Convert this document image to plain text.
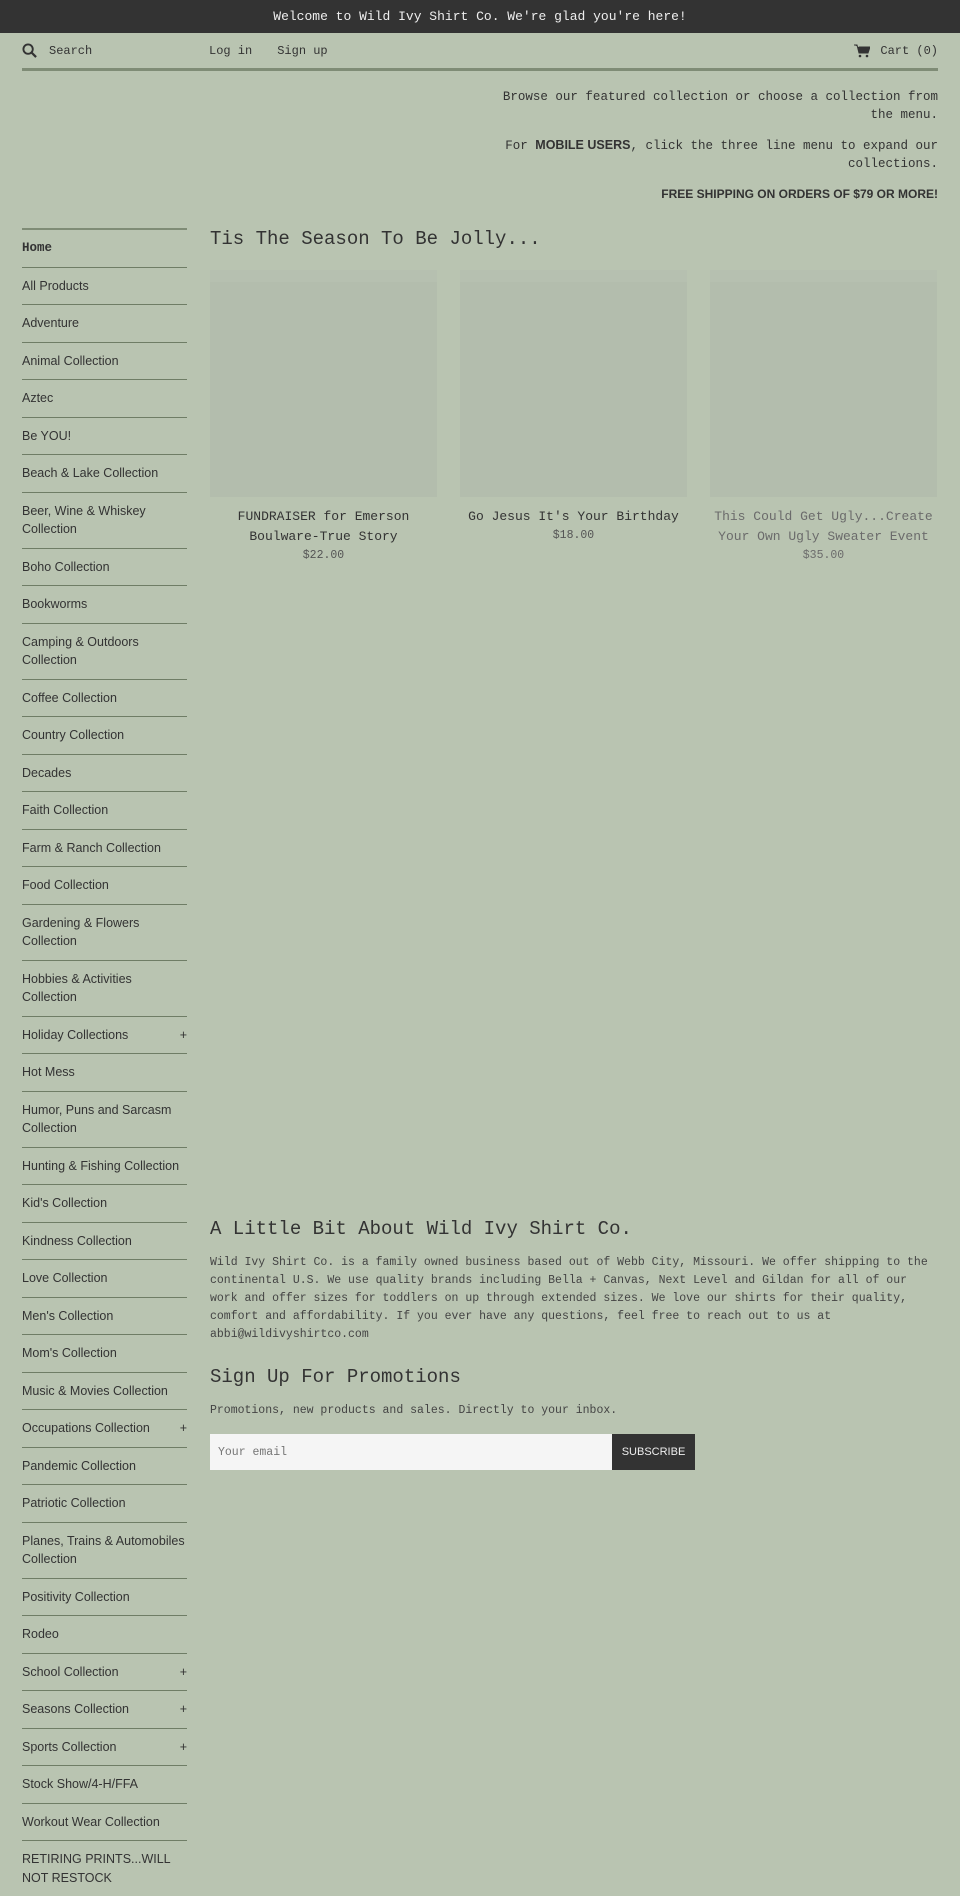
Welcome to Wild Ivy Shirt Co. We're glad you're here!
Search	Log in Sign up	Cart (0)

Browse our featured collection or choose a collection from the menu.

For MOBILE USERS, click the three line menu to expand our collections.

FREE SHIPPING ON ORDERS OF $79 OR MORE!

Home
All Products
Adventure
Animal Collection
Aztec
Be YOU!
Beach & Lake Collection
Beer, Wine & Whiskey Collection
Boho Collection
Bookworms
Camping & Outdoors Collection
Coffee Collection
Country Collection
Decades
Faith Collection
Farm & Ranch Collection
Food Collection
Gardening & Flowers Collection
Hobbies & Activities Collection
Holiday Collections	+
Hot Mess
Humor, Puns and Sarcasm Collection
Hunting & Fishing Collection
Kid's Collection
Kindness Collection
Love Collection
Men's Collection
Mom's Collection
Music & Movies Collection
Occupations Collection +
Pandemic Collection
Patriotic Collection
Planes, Trains & Automobiles Collection
Positivity Collection
Rodeo
School Collection	+
Seasons Collection	+
Sports Collection	+
Stock Show/4-H/FFA
Workout Wear Collection
RETIRING PRINTS...WILL NOT RESTOCK
Tis The Season To Be Jolly...
FUNDRAISER for Emerson Boulware-True Story
$22.00
Go Jesus It's Your Birthday
$18.00
This Could Get Ugly...Create Your Own Ugly Sweater Event
$35.00
A Little Bit About Wild Ivy Shirt Co.

Wild Ivy Shirt Co. is a family owned business based out of Webb City, Missouri. We offer shipping to the continental U.S. We use quality brands including Bella + Canvas, Next Level and Gildan for all of our work and offer sizes for toddlers on up through extended sizes. We love our shirts for their quality, comfort and affordability. If you ever have any questions, feel free to reach out to us at abbi@wildivyshirtco.com

Sign Up For Promotions

Promotions, new products and sales. Directly to your inbox.

Your email
SUBSCRIBE
